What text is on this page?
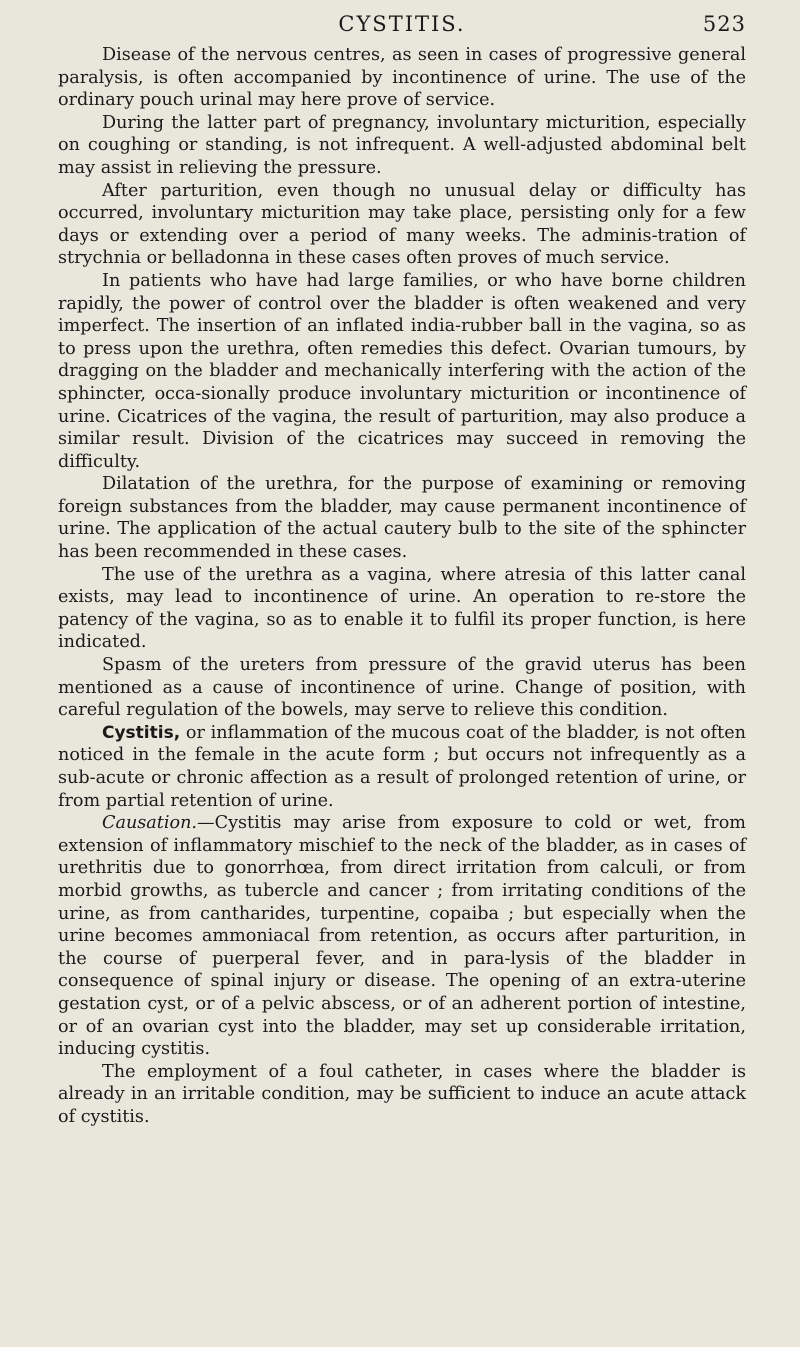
CYSTITIS.	523

Disease of the nervous centres, as seen in cases of progressive general paralysis, is often accompanied by incontinence of urine. The use of the ordinary pouch urinal may here prove of service.

During the latter part of pregnancy, involuntary micturition, especially on coughing or standing, is not infrequent. A well-adjusted abdominal belt may assist in relieving the pressure.

After parturition, even though no unusual delay or difficulty has occurred, involuntary micturition may take place, persisting only for a few days or extending over a period of many weeks. The adminis-tration of strychnia or belladonna in these cases often proves of much service.

In patients who have had large families, or who have borne children rapidly, the power of control over the bladder is often weakened and very imperfect. The insertion of an inflated india-rubber ball in the vagina, so as to press upon the urethra, often remedies this defect. Ovarian tumours, by dragging on the bladder and mechanically interfering with the action of the sphincter, occa-sionally produce involuntary micturition or incontinence of urine. Cicatrices of the vagina, the result of parturition, may also produce a similar result. Division of the cicatrices may succeed in removing the difficulty.

Dilatation of the urethra, for the purpose of examining or removing foreign substances from the bladder, may cause permanent incontinence of urine. The application of the actual cautery bulb to the site of the sphincter has been recommended in these cases.

The use of the urethra as a vagina, where atresia of this latter canal exists, may lead to incontinence of urine. An operation to re-store the patency of the vagina, so as to enable it to fulfil its proper function, is here indicated.

Spasm of the ureters from pressure of the gravid uterus has been mentioned as a cause of incontinence of urine. Change of position, with careful regulation of the bowels, may serve to relieve this condition.

Cystitis, or inflammation of the mucous coat of the bladder, is not often noticed in the female in the acute form ; but occurs not infrequently as a sub-acute or chronic affection as a result of prolonged retention of urine, or from partial retention of urine.

Causation.—Cystitis may arise from exposure to cold or wet, from extension of inflammatory mischief to the neck of the bladder, as in cases of urethritis due to gonorrhœa, from direct irritation from calculi, or from morbid growths, as tubercle and cancer ; from irritating conditions of the urine, as from cantharides, turpentine, copaiba ; but especially when the urine becomes ammoniacal from retention, as occurs after parturition, in the course of puerperal fever, and in para-lysis of the bladder in consequence of spinal injury or disease. The opening of an extra-uterine gestation cyst, or of a pelvic abscess, or of an adherent portion of intestine, or of an ovarian cyst into the bladder, may set up considerable irritation, inducing cystitis.

The employment of a foul catheter, in cases where the bladder is already in an irritable condition, may be sufficient to induce an acute attack of cystitis.
